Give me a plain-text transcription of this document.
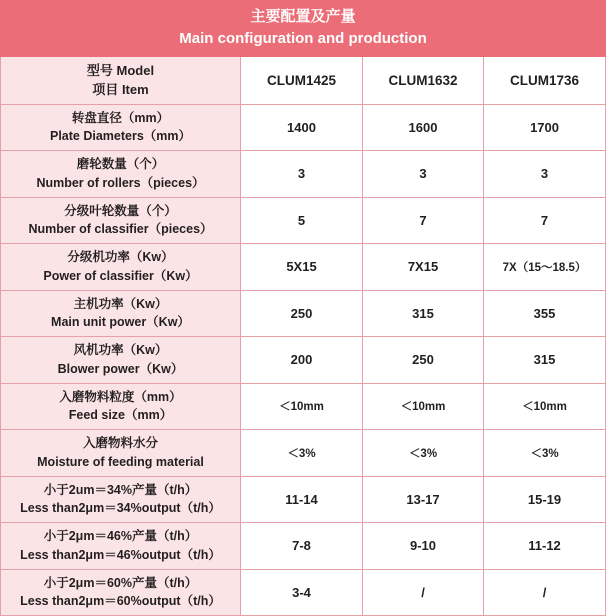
主要配置及产量
Main configuration and production			

型号 Model
项目 Item	CLUM1425	CLUM1632	CLUM1736

转盘直径（mm）
Plate Diameters（mm）	1400	1600	1700

磨轮数量（个）
Number of rollers（pieces）	3	3	3

分级叶轮数量（个）
Number of classifier（pieces）	5	7	7

分级机功率（Kw）
Power of classifier（Kw）	5X15	7X15	7X（15～18.5）

主机功率（Kw）
Main unit power（Kw）	250	315	355

风机功率（Kw）
Blower power（Kw）	200	250	315

入磨物料粒度（mm）
Feed size（mm）	＜10mm	＜10mm	＜10mm

入磨物料水分
Moisture of feeding material	＜3%	＜3%	＜3%

小于2um＝34%产量（t/h）
Less than2μm＝34%output（t/h）	11-14	13-17	15-19

小于2μm＝46%产量（t/h）
Less than2μm＝46%output（t/h）	7-8	9-10	11-12

小于2μm＝60%产量（t/h）
Less than2μm＝60%output（t/h）	3-4	/	/
